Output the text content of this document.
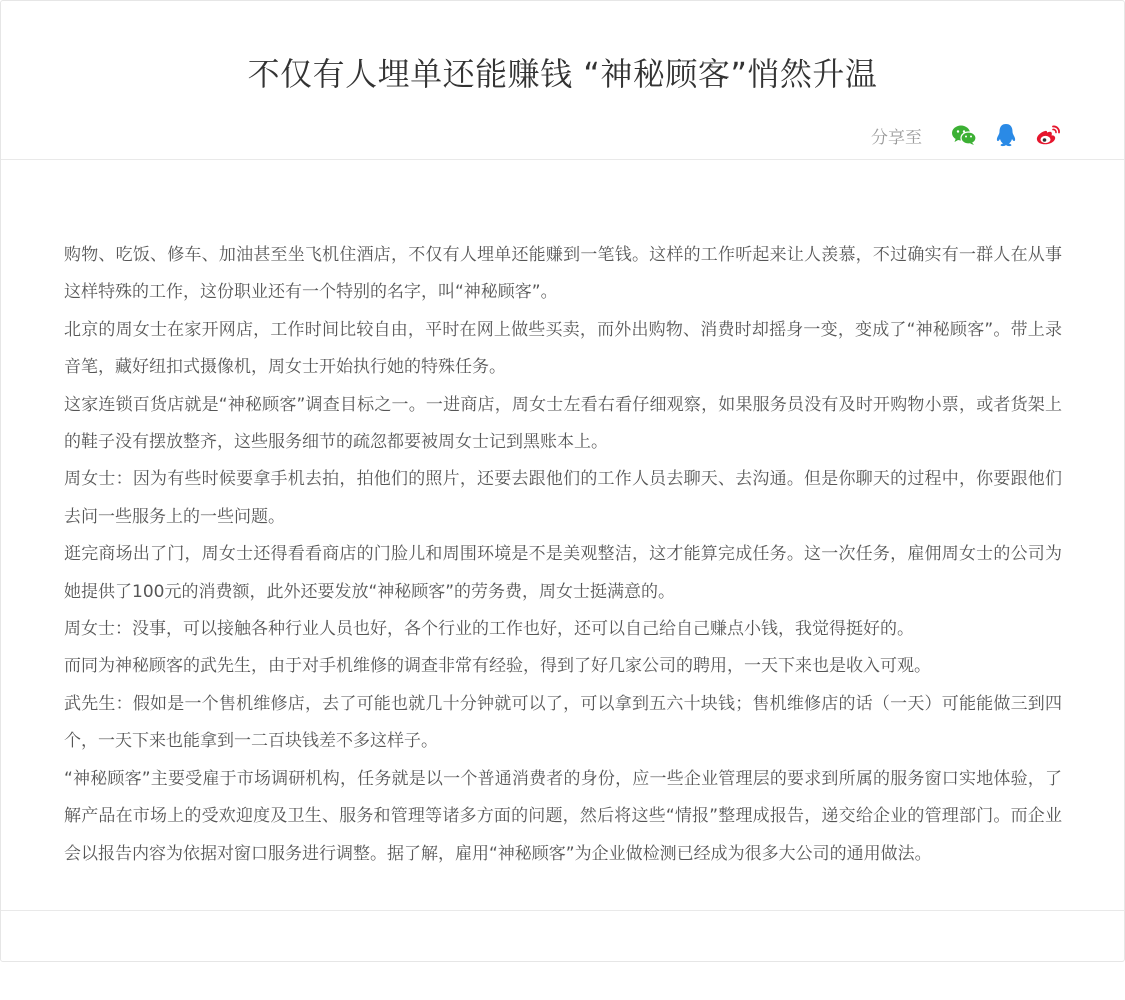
不仅有人埋单还能赚钱 “神秘顾客”悄然升温
分享至

购物、吃饭、修车、加油甚至坐飞机住酒店，不仅有人埋单还能赚到一笔钱。这样的工作听起来让人羡慕，不过确实有一群人在从事这样特殊的工作，这份职业还有一个特别的名字，叫“神秘顾客”。

北京的周女士在家开网店，工作时间比较自由，平时在网上做些买卖，而外出购物、消费时却摇身一变，变成了“神秘顾客”。带上录音笔，藏好纽扣式摄像机，周女士开始执行她的特殊任务。

这家连锁百货店就是“神秘顾客”调查目标之一。一进商店，周女士左看右看仔细观察，如果服务员没有及时开购物小票，或者货架上的鞋子没有摆放整齐，这些服务细节的疏忽都要被周女士记到黑账本上。

周女士：因为有些时候要拿手机去拍，拍他们的照片，还要去跟他们的工作人员去聊天、去沟通。但是你聊天的过程中，你要跟他们去问一些服务上的一些问题。

逛完商场出了门，周女士还得看看商店的门脸儿和周围环境是不是美观整洁，这才能算完成任务。这一次任务，雇佣周女士的公司为她提供了100元的消费额，此外还要发放“神秘顾客”的劳务费，周女士挺满意的。

周女士：没事，可以接触各种行业人员也好，各个行业的工作也好，还可以自己给自己赚点小钱，我觉得挺好的。

而同为神秘顾客的武先生，由于对手机维修的调查非常有经验，得到了好几家公司的聘用，一天下来也是收入可观。

武先生：假如是一个售机维修店，去了可能也就几十分钟就可以了，可以拿到五六十块钱；售机维修店的话（一天）可能能做三到四个，一天下来也能拿到一二百块钱差不多这样子。

“神秘顾客”主要受雇于市场调研机构，任务就是以一个普通消费者的身份，应一些企业管理层的要求到所属的服务窗口实地体验，了解产品在市场上的受欢迎度及卫生、服务和管理等诸多方面的问题，然后将这些“情报”整理成报告，递交给企业的管理部门。而企业会以报告内容为依据对窗口服务进行调整。据了解，雇用“神秘顾客”为企业做检测已经成为很多大公司的通用做法。
